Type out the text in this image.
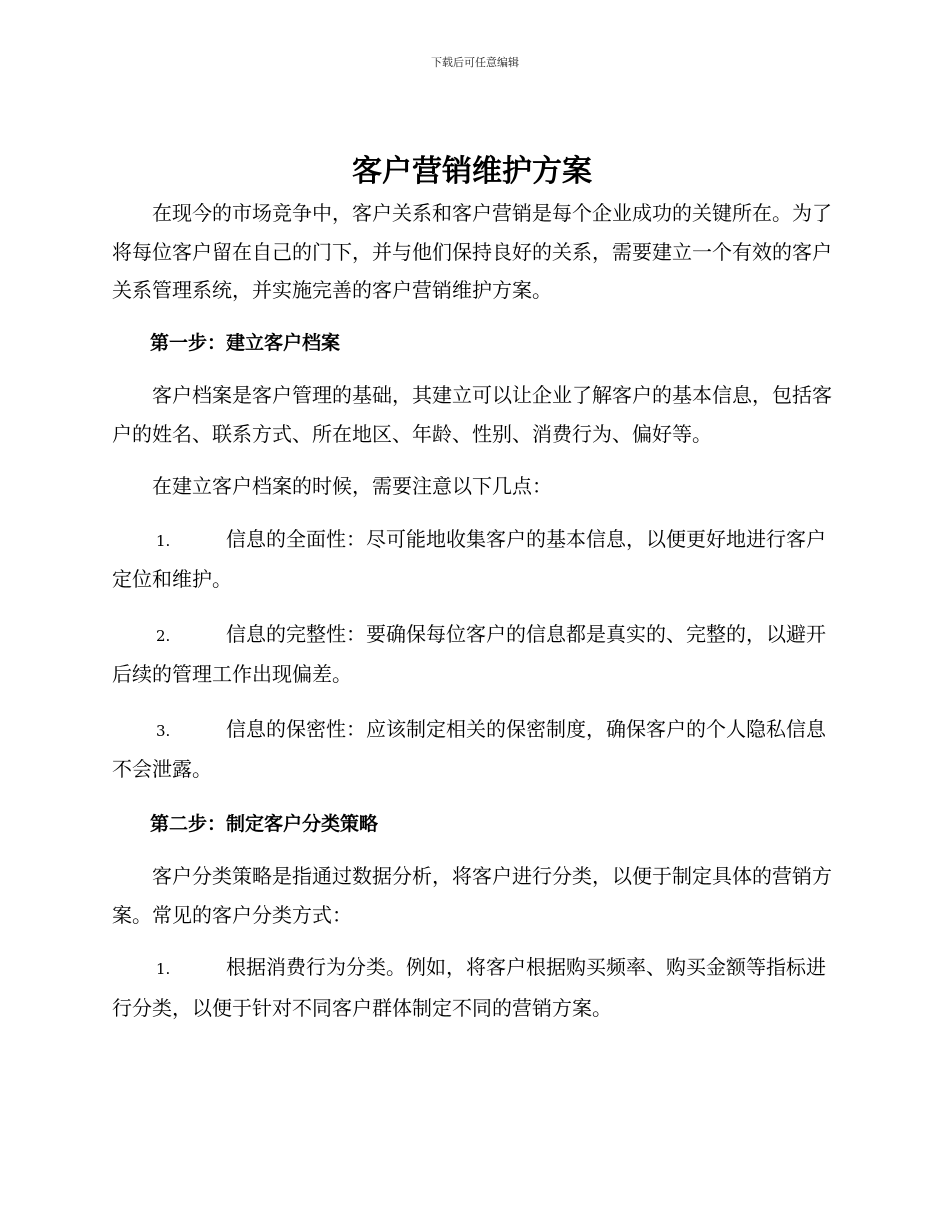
下载后可任意编辑
客户营销维护方案

在现今的市场竞争中，客户关系和客户营销是每个企业成功的关键所在。为了将每位客户留在自己的门下，并与他们保持良好的关系，需要建立一个有效的客户关系管理系统，并实施完善的客户营销维护方案。

第一步：建立客户档案

客户档案是客户管理的基础，其建立可以让企业了解客户的基本信息，包括客户的姓名、联系方式、所在地区、年龄、性别、消费行为、偏好等。

在建立客户档案的时候，需要注意以下几点：

1.	信息的全面性：尽可能地收集客户的基本信息，以便更好地进行客户定位和维护。

2.	信息的完整性：要确保每位客户的信息都是真实的、完整的，以避开后续的管理工作出现偏差。

3.	信息的保密性：应该制定相关的保密制度，确保客户的个人隐私信息不会泄露。

第二步：制定客户分类策略

客户分类策略是指通过数据分析，将客户进行分类，以便于制定具体的营销方案。常见的客户分类方式：

1.	根据消费行为分类。例如，将客户根据购买频率、购买金额等指标进行分类，以便于针对不同客户群体制定不同的营销方案。
